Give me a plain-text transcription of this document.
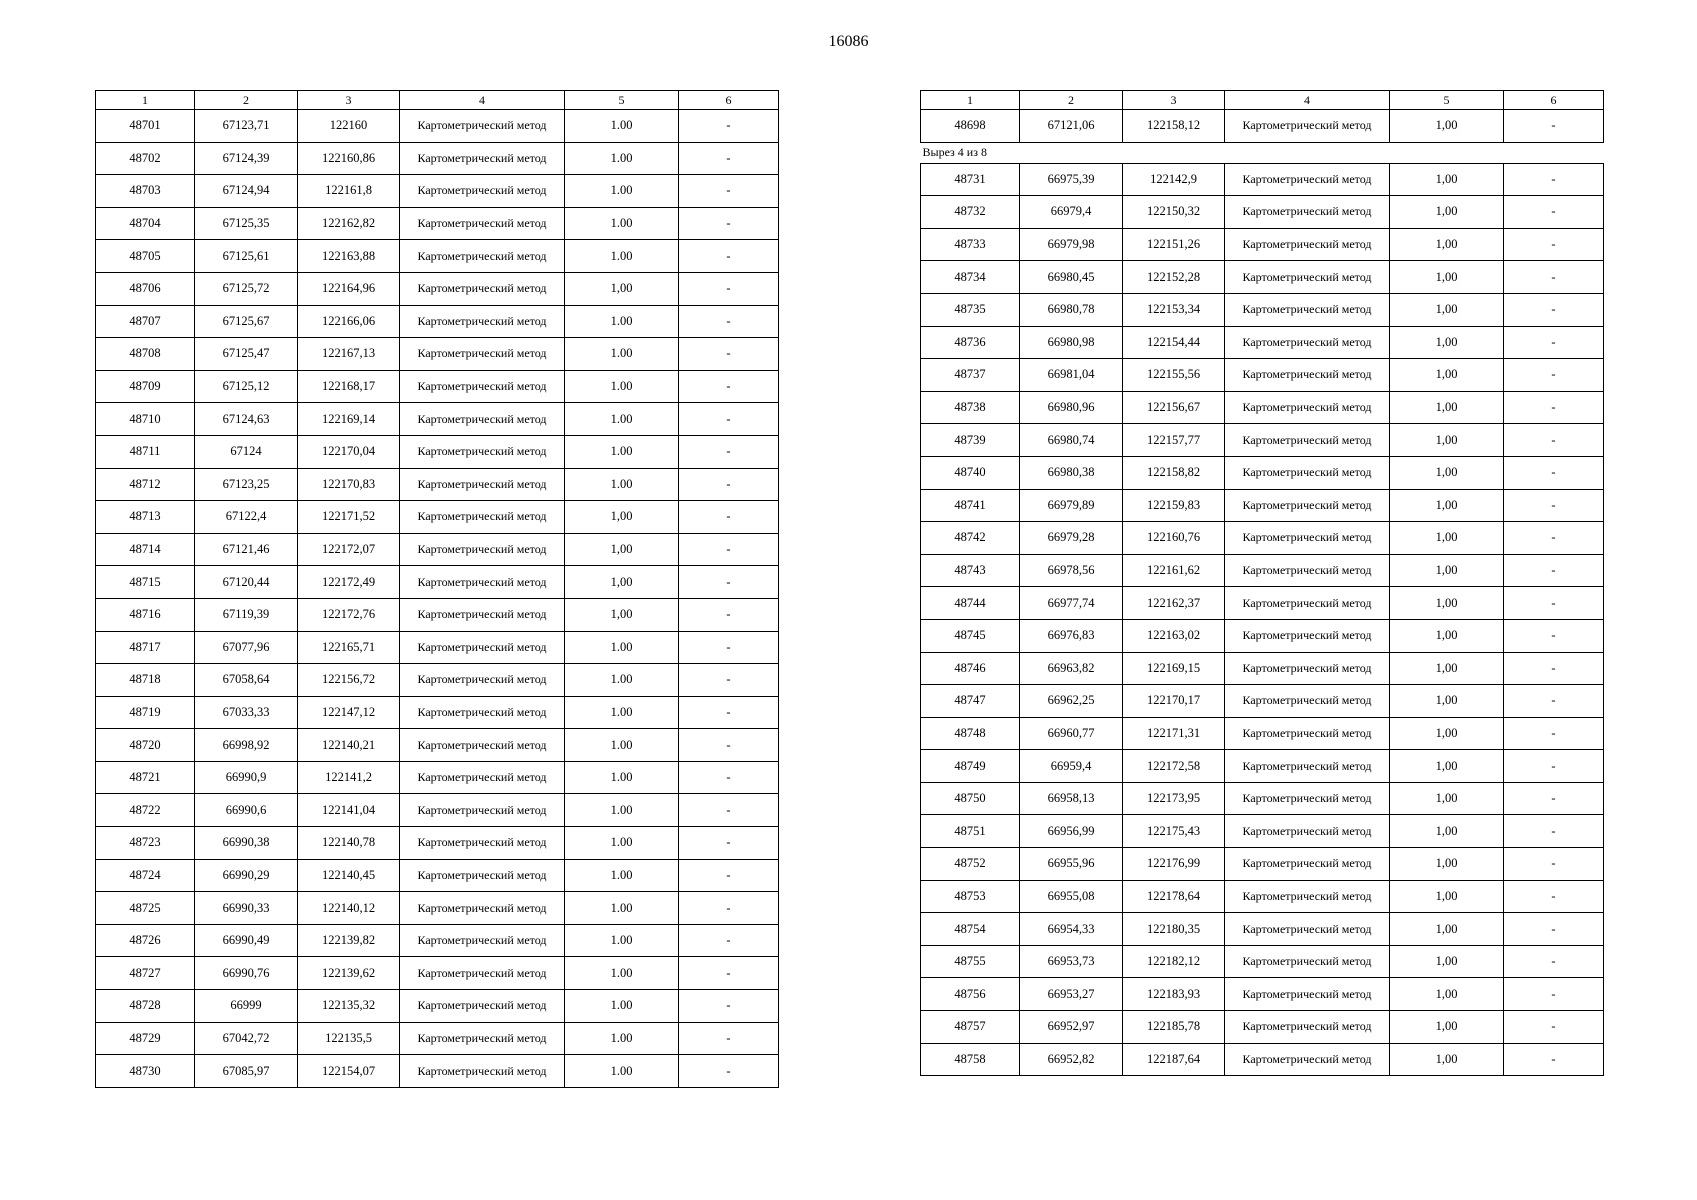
16086
1	2	3	4	5	6
48701	67123,71	122160	Картометрический метод	1.00	-
48702	67124,39	122160,86	Картометрический метод	1.00	-
48703	67124,94	122161,8	Картометрический метод	1.00	-
48704	67125,35	122162,82	Картометрический метод	1.00	-
48705	67125,61	122163,88	Картометрический метод	1.00	-
48706	67125,72	122164,96	Картометрический метод	1,00	-
48707	67125,67	122166,06	Картометрический метод	1.00	-
48708	67125,47	122167,13	Картометрический метод	1.00	-
48709	67125,12	122168,17	Картометрический метод	1.00	-
48710	67124,63	122169,14	Картометрический метод	1.00	-
48711	67124	122170,04	Картометрический метод	1.00	-
48712	67123,25	122170,83	Картометрический метод	1.00	-
48713	67122,4	122171,52	Картометрический метод	1,00	-
48714	67121,46	122172,07	Картометрический метод	1,00	-
48715	67120,44	122172,49	Картометрический метод	1,00	-
48716	67119,39	122172,76	Картометрический метод	1,00	-
48717	67077,96	122165,71	Картометрический метод	1.00	-
48718	67058,64	122156,72	Картометрический метод	1.00	-
48719	67033,33	122147,12	Картометрический метод	1.00	-
48720	66998,92	122140,21	Картометрический метод	1.00	-
48721	66990,9	122141,2	Картометрический метод	1.00	-
48722	66990,6	122141,04	Картометрический метод	1.00	-
48723	66990,38	122140,78	Картометрический метод	1.00	-
48724	66990,29	122140,45	Картометрический метод	1.00	-
48725	66990,33	122140,12	Картометрический метод	1.00	-
48726	66990,49	122139,82	Картометрический метод	1.00	-
48727	66990,76	122139,62	Картометрический метод	1.00	-
48728	66999	122135,32	Картометрический метод	1.00	-
48729	67042,72	122135,5	Картометрический метод	1.00	-
48730	67085,97	122154,07	Картометрический метод	1.00	-
1	2	3	4	5	6
48698	67121,06	122158,12	Картометрический метод	1,00	-
Вырез 4 из 8					
48731	66975,39	122142,9	Картометрический метод	1,00	-
48732	66979,4	122150,32	Картометрический метод	1,00	-
48733	66979,98	122151,26	Картометрический метод	1,00	-
48734	66980,45	122152,28	Картометрический метод	1,00	-
48735	66980,78	122153,34	Картометрический метод	1,00	-
48736	66980,98	122154,44	Картометрический метод	1,00	-
48737	66981,04	122155,56	Картометрический метод	1,00	-
48738	66980,96	122156,67	Картометрический метод	1,00	-
48739	66980,74	122157,77	Картометрический метод	1,00	-
48740	66980,38	122158,82	Картометрический метод	1,00	-
48741	66979,89	122159,83	Картометрический метод	1,00	-
48742	66979,28	122160,76	Картометрический метод	1,00	-
48743	66978,56	122161,62	Картометрический метод	1,00	-
48744	66977,74	122162,37	Картометрический метод	1,00	-
48745	66976,83	122163,02	Картометрический метод	1,00	-
48746	66963,82	122169,15	Картометрический метод	1,00	-
48747	66962,25	122170,17	Картометрический метод	1,00	-
48748	66960,77	122171,31	Картометрический метод	1,00	-
48749	66959,4	122172,58	Картометрический метод	1,00	-
48750	66958,13	122173,95	Картометрический метод	1,00	-
48751	66956,99	122175,43	Картометрический метод	1,00	-
48752	66955,96	122176,99	Картометрический метод	1,00	-
48753	66955,08	122178,64	Картометрический метод	1,00	-
48754	66954,33	122180,35	Картометрический метод	1,00	-
48755	66953,73	122182,12	Картометрический метод	1,00	-
48756	66953,27	122183,93	Картометрический метод	1,00	-
48757	66952,97	122185,78	Картометрический метод	1,00	-
48758	66952,82	122187,64	Картометрический метод	1,00	-
